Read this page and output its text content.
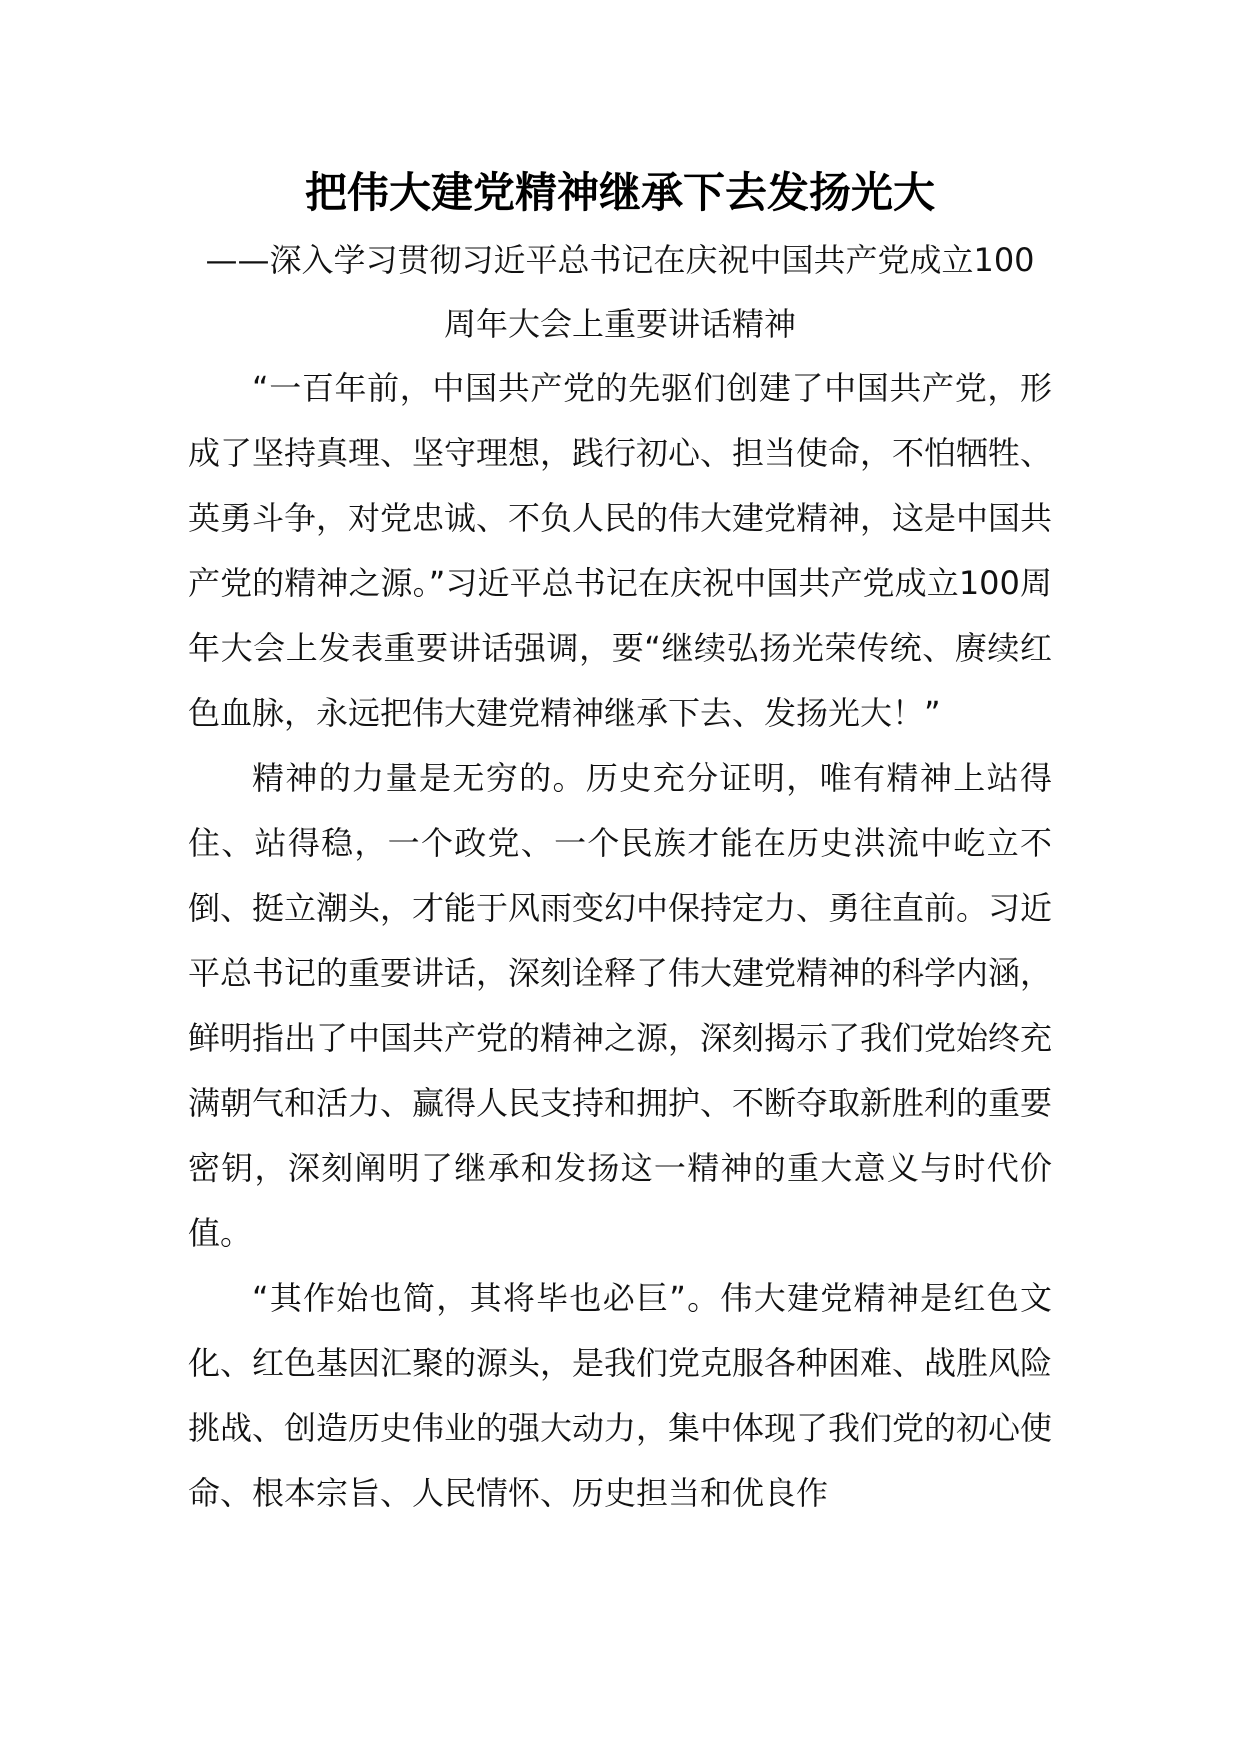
把伟大建党精神继承下去发扬光大

——深入学习贯彻习近平总书记在庆祝中国共产党成立100周年大会上重要讲话精神

“一百年前，中国共产党的先驱们创建了中国共产党，形成了坚持真理、坚守理想，践行初心、担当使命，不怕牺牲、英勇斗争，对党忠诚、不负人民的伟大建党精神，这是中国共产党的精神之源。”习近平总书记在庆祝中国共产党成立100周年大会上发表重要讲话强调，要“继续弘扬光荣传统、赓续红色血脉，永远把伟大建党精神继承下去、发扬光大！”

精神的力量是无穷的。历史充分证明，唯有精神上站得住、站得稳，一个政党、一个民族才能在历史洪流中屹立不倒、挺立潮头，才能于风雨变幻中保持定力、勇往直前。习近平总书记的重要讲话，深刻诠释了伟大建党精神的科学内涵，鲜明指出了中国共产党的精神之源，深刻揭示了我们党始终充满朝气和活力、赢得人民支持和拥护、不断夺取新胜利的重要密钥，深刻阐明了继承和发扬这一精神的重大意义与时代价值。

“其作始也简，其将毕也必巨”。伟大建党精神是红色文化、红色基因汇聚的源头，是我们党克服各种困难、战胜风险挑战、创造历史伟业的强大动力，集中体现了我们党的初心使命、根本宗旨、人民情怀、历史担当和优良作
